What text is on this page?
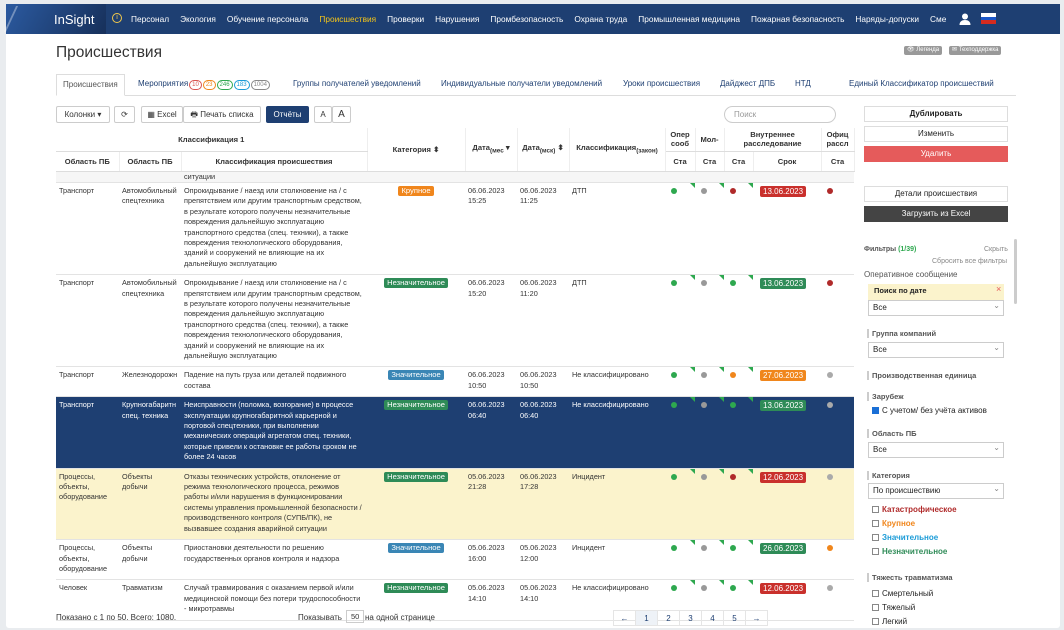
InSight	i	Персонал Экология Обучение персонала Происшествия Проверки Нарушения Промбезопасность Охрана труда Промышленная медицина Пожарная безопасность Наряды-допуски Сме
Происшествия	👁 Легенда	✉ Техподдержка
Происшествия	Мероприятия 10 23 246 183 1004	Группы получателей уведомлений	Индивидуальные получатели уведомлений	Уроки происшествия Дайджест ДПБ НТД	Единый Классификатор происшествий
Колонки ▾	⟳	▦ Excel	🖶 Печать списка	Отчёты	A	A	Поиск
Классификация 1			Категория ⬍	Дата$_{(мес}$ ▾	Дата$_{(мск)}$ ⬍	Классификация$_{(закон)}$	Опер сооб	Мол-	Внутреннее расследование		Офиц рассл
Область ПБ	Область ПБ	Классификация происшествия					Ста	Ста	Ста	Срок	Ста
		ситуации									
Транспорт	Автомобильный спецтехника	Опрокидывание / наезд или столкновение на / с препятствием или другим транспортным средством, в результате которого получены незначительные повреждения дальнейшую эксплуатацию транспортного средства (спец. техники), а также повреждения технологического оборудования, зданий и сооружений не влияющие на их дальнейшую эксплуатацию	Крупное	06.06.2023 15:25	06.06.2023 11:25	ДТП				13.06.2023	
Транспорт	Автомобильный спецтехника	Опрокидывание / наезд или столкновение на / с препятствием или другим транспортным средством, в результате которого получены незначительные повреждения дальнейшую эксплуатацию транспортного средства (спец. техники), а также повреждения технологического оборудования, зданий и сооружений не влияющие на их дальнейшую эксплуатацию	Незначительное	06.06.2023 15:20	06.06.2023 11:20	ДТП				13.06.2023	
Транспорт	Железнодорожн	Падение на путь груза или деталей подвижного состава	Значительное	06.06.2023 10:50	06.06.2023 10:50	Не классифицировано				27.06.2023	
Транспорт	Крупногабаритн спец. техника	Неисправности (поломка, возгорание) в процессе эксплуатации крупногабаритной карьерной и портовой спецтехники, при выполнении механических операций агрегатом спец. техники, которые привели к остановке ее работы сроком не более 24 часов	Незначительное	06.06.2023 06:40	06.06.2023 06:40	Не классифицировано				13.06.2023	
Процессы, объекты, оборудование	Объекты добычи	Отказы технических устройств, отклонение от режима технологического процесса, режимов работы и/или нарушения в функционировании системы управления промышленной безопасности / производственного контроля (СУПБ/ПК), не вызвавшее создания аварийной ситуации	Незначительное	05.06.2023 21:28	06.06.2023 17:28	Инцидент				12.06.2023	
Процессы, объекты, оборудование	Объекты добычи	Приостановки деятельности по решению государственных органов контроля и надзора	Значительное	05.06.2023 16:00	05.06.2023 12:00	Инцидент				26.06.2023	
Человек	Травматизм	Случай травмирования с оказанием первой и/или медицинской помощи без потери трудоспособности - микротравмы	Незначительное	05.06.2023 14:10	05.06.2023 14:10	Не классифицировано				12.06.2023	
Показано с 1 по 50. Всего: 1080.	Показывать	50 на одной странице	←	1	2	3	4	5	→
Дублировать
Изменить
Удалить
Детали происшествия
Загрузить из Excel
Фильтры (1/39)	Скрыть
Сбросить все фильтры
Оперативное сообщение
Поиск по дате	×
Все ⌄
Группа компаний
Все ⌄
Производственная единица
Зарубеж
С учетом/ без учёта активов
Область ПБ
Все ⌄
Категория
По происшествию ⌄
Катастрофическое
Крупное
Значительное
Незначительное
Тяжесть травматизма
Смертельный
Тяжелый
Легкий
